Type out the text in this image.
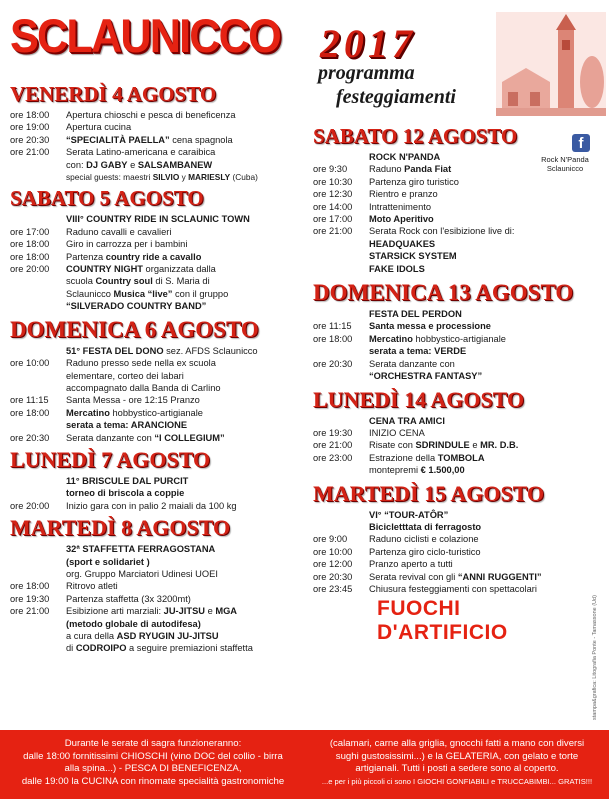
SCLAUNICCO 2017
programma
festeggiamenti
f
Rock N'Panda Sclaunicco
VENERDÌ 4 AGOSTO
ore 18:00	Apertura chioschi e pesca di beneficenza
ore 19:00	Apertura cucina
ore 20:30	“SPECIALITÀ PAELLA” cena spagnola
ore 21:00	Serata Latino-americana e caraibica
con: DJ GABY e SALSAMBANEW
special guests: maestri SILVIO y MARIESLY (Cuba)
SABATO 5 AGOSTO
VIII° COUNTRY RIDE IN SCLAUNIC TOWN
ore 17:00	Raduno cavalli e cavalieri
ore 18:00	Giro in carrozza per i bambini
ore 18:00	Partenza country ride a cavallo
ore 20:00	COUNTRY NIGHT organizzata dalla
scuola Country soul di S. Maria di
Sclaunicco Musica “live” con il gruppo
“SILVERADO COUNTRY BAND”
DOMENICA 6 AGOSTO
51° FESTA DEL DONO sez. AFDS Sclaunicco
ore 10:00	Raduno presso sede nella ex scuola
elementare, corteo dei labari
accompagnato dalla Banda di Carlino
ore 11:15	Santa Messa - ore 12:15 Pranzo
ore 18:00	Mercatino hobbystico-artigianale
serata a tema: ARANCIONE
ore 20:30	Serata danzante con “I COLLEGIUM”
LUNEDÌ 7 AGOSTO
11° BRISCULE DAL PURCIT
torneo di briscola a coppie
ore 20:00	Inizio gara con in palio 2 maiali da 100 kg
MARTEDÌ 8 AGOSTO
32ª STAFFETTA FERRAGOSTANA
(sport e solidariet )
org. Gruppo Marciatori Udinesi UOEI
ore 18:00	Ritrovo atleti
ore 19:30	Partenza staffetta (3x 3200mt)
ore 21:00	Esibizione arti marziali: JU-JITSU e MGA
(metodo globale di autodifesa)
a cura della ASD RYUGIN JU-JITSU
di CODROIPO a seguire premiazioni staffetta
SABATO 12 AGOSTO
ROCK N'PANDA
ore 9:30	Raduno Panda Fiat
ore 10:30	Partenza giro turistico
ore 12:30	Rientro e pranzo
ore 14:00	Intrattenimento
ore 17:00	Moto Aperitivo
ore 21:00	Serata Rock con l'esibizione live di:
HEADQUAKES
STARSICK SYSTEM
FAKE IDOLS
DOMENICA 13 AGOSTO
FESTA DEL PERDON
ore 11:15	Santa messa e processione
ore 18:00	Mercatino hobbystico-artigianale
serata a tema: VERDE
ore 20:30	Serata danzante con
“ORCHESTRA FANTASY”
LUNEDÌ 14 AGOSTO
CENA TRA AMICI
ore 19:30	INIZIO CENA
ore 21:00	Risate con SDRINDULE e MR. D.B.
ore 23:00	Estrazione della TOMBOLA
montepremi € 1.500,00
MARTEDÌ 15 AGOSTO
VI° “TOUR-ATÔR”
Bicicletttata di ferragosto
ore 9:00	Raduno ciclisti e colazione
ore 10:00	Partenza giro ciclo-turistico
ore 12:00	Pranzo aperto a tutti
ore 20:30	Serata revival con gli “ANNI RUGGENTI”
ore 23:45	Chiusura festeggiamenti con spettacolari
FUOCHI
D'ARTIFICIO	stampa&grafica: Litografia Ponte - Tamassone (Ud)
Durante le serate di sagra funzioneranno:
dalle 18:00 fornitissimi CHIOSCHI (vino DOC del collio - birra
alla spina...) - PESCA DI BENEFICENZA,
dalle 19:00 la CUCINA con rinomate specialità gastronomiche
(calamari, carne alla griglia, gnocchi fatti a mano con diversi
sughi gustosissimi...) e la GELATERIA, con gelato e torte
artigianali. Tutti i posti a sedere sono al coperto.
...e per i più piccoli ci sono I GIOCHI GONFIABILI e TRUCCABIMBI... GRATIS!!!
